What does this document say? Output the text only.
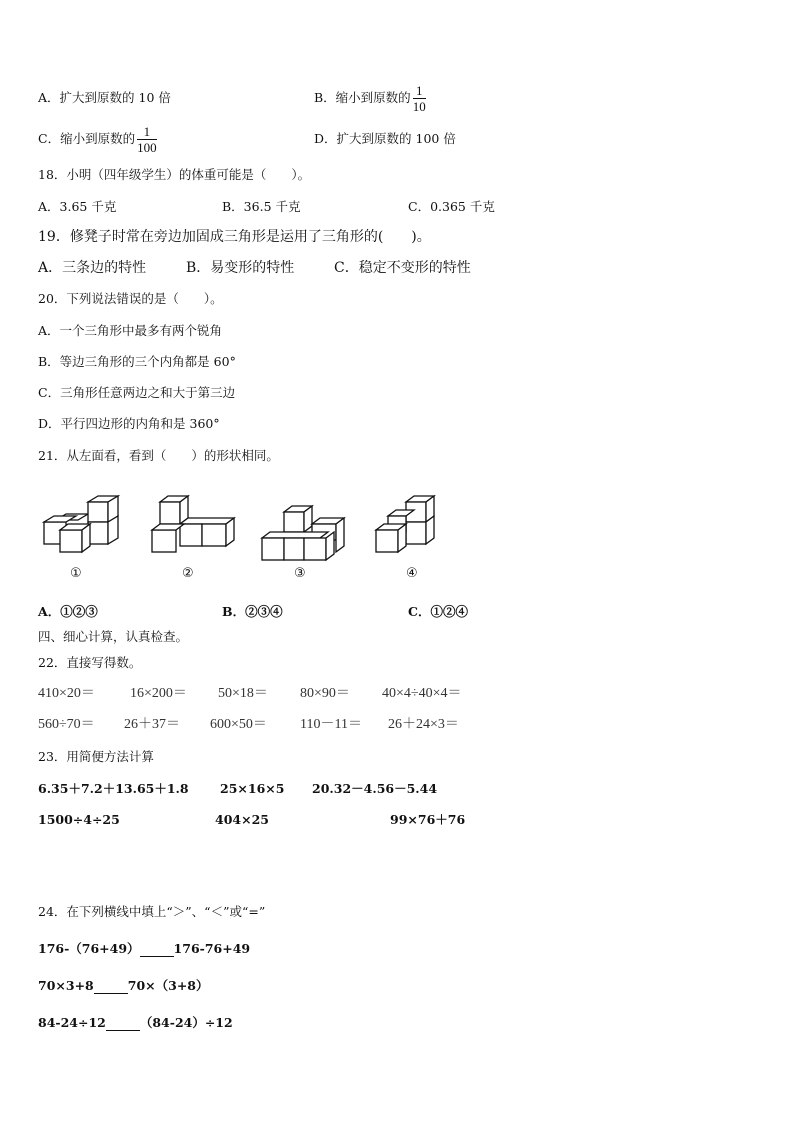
A．扩大到原数的 10 倍	B．缩小到原数的 $\frac{1}{10}$
C．缩小到原数的 $\frac{1}{100}$	D．扩大到原数的 100 倍
18．小明（四年级学生）的体重可能是（　　）。
A．3.65 千克	B．36.5 千克	C．0.365 千克
19．修凳子时常在旁边加固成三角形是运用了三角形的(　　)。
A．三条边的特性	B．易变形的特性	C．稳定不变形的特性
20．下列说法错误的是（　　）。
A．一个三角形中最多有两个锐角
B．等边三角形的三个内角都是 60°
C．三角形任意两边之和大于第三边
D．平行四边形的内角和是 360°
21．从左面看，看到（　　）的形状相同。
①	②	③	④
A．①②③	B．②③④	C．①②④
四、细心计算，认真检查。
22．直接写得数。
410×20＝	16×200＝ 50×18＝ 80×90＝ 40×4÷40×4＝
560÷70＝ 26＋37＝ 600×50＝ 110－11＝ 26＋24×3＝
23．用简便方法计算
6.35＋7.2＋13.65＋1.8	25×16×5 20.32－4.56－5.44
1500÷4÷25	404×25	99×76＋76
24．在下列横线中填上“＞”、“＜”或“=”
176-（76+49）	176-76+49
70×3+8	70×（3+8）
84-24÷12	（84-24）÷12
